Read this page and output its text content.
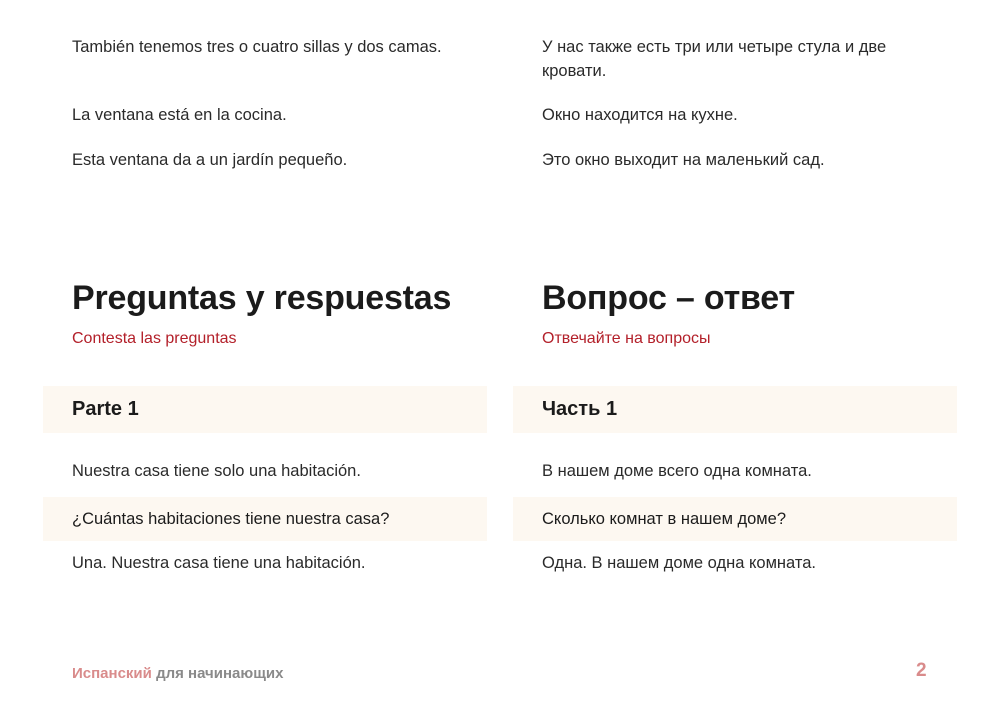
También tenemos tres o cuatro sillas y dos camas.
La ventana está en la cocina.
Esta ventana da a un jardín pequeño.
Preguntas y respuestas
Contesta las preguntas
Parte 1
Nuestra casa tiene solo una habitación.
¿Cuántas habitaciones tiene nuestra casa?
Una. Nuestra casa tiene una habitación.
У нас также есть три или четыре стула и две кровати.
Окно находится на кухне.
Это окно выходит на маленький сад.
Вопрос – ответ
Отвечайте на вопросы
Часть 1
В нашем доме всего одна комната.
Сколько комнат в нашем доме?
Одна. В нашем доме одна комната.
Испанский для начинающих	2
